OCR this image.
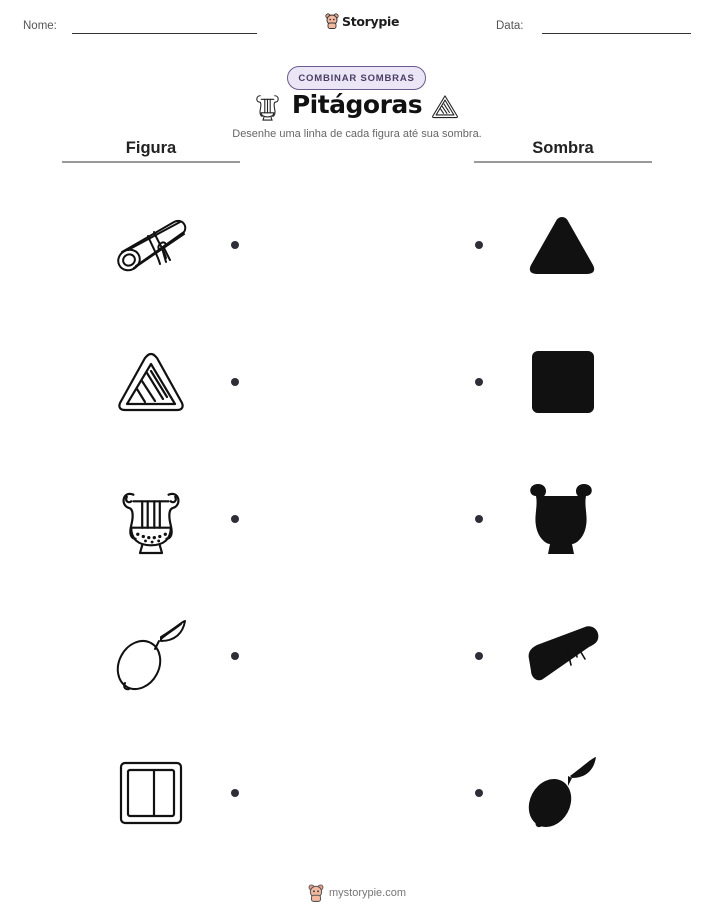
Nome:	Storypie	Data:
COMBINAR SOMBRAS
Pitágoras
Desenhe uma linha de cada figura até sua sombra.
Figura	Sombra
mystorypie.com
